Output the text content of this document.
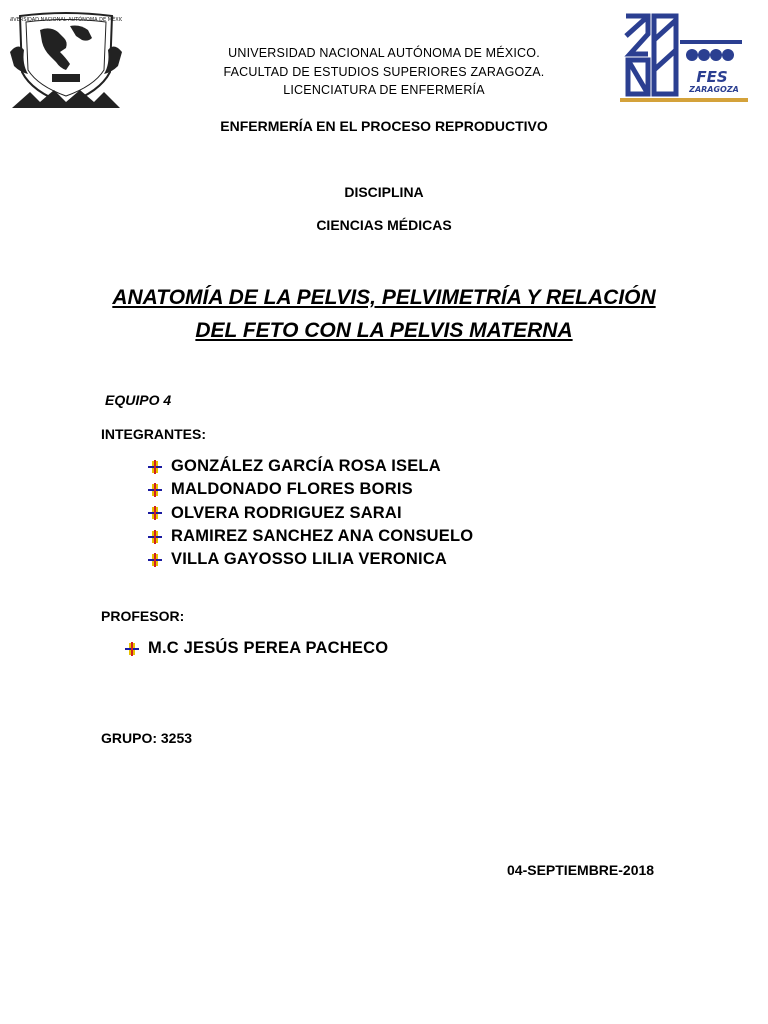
UNIVERSIDAD NACIONAL AUTÓNOMA DE MÉXICO
FES
ZARAGOZA
UNIVERSIDAD NACIONAL AUTÓNOMA DE MÉXICO.
FACULTAD DE ESTUDIOS SUPERIORES ZARAGOZA.
LICENCIATURA DE ENFERMERÍA
ENFERMERÍA EN EL PROCESO REPRODUCTIVO
DISCIPLINA
CIENCIAS MÉDICAS
ANATOMÍA DE LA PELVIS, PELVIMETRÍA Y RELACIÓN
DEL FETO CON LA PELVIS MATERNA
EQUIPO 4
INTEGRANTES:
GONZÁLEZ GARCÍA ROSA ISELA
MALDONADO FLORES BORIS
OLVERA RODRIGUEZ SARAI
RAMIREZ SANCHEZ ANA CONSUELO
VILLA GAYOSSO LILIA VERONICA
PROFESOR:
M.C JESÚS PEREA PACHECO
GRUPO: 3253
04-SEPTIEMBRE-2018
